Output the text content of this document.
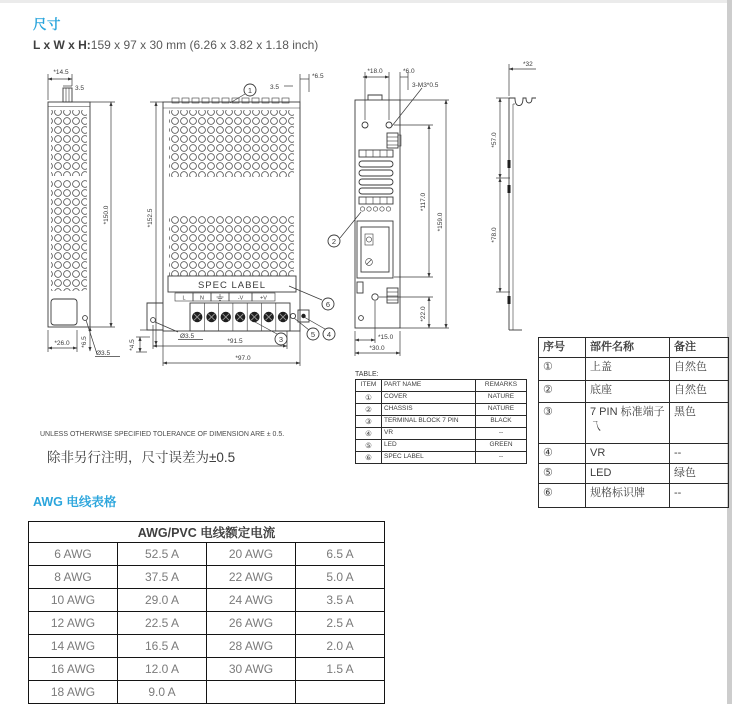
尺寸
L x W x H:159 x 97 x 30 mm (6.26 x 3.82 x 1.18 inch)
*14.5
3.5
*150.0
*26.0 *6.5
Ø3.5
SPEC LABEL
L	N	-V	+V
*152.5
*4.5
Ø3.5
*91.5
*97.0
*6.5
3.5
*18.0	*6.0
3-M3*0.5
*117.0
*159.0
*22.0
*15.0
*30.0
*32
*57.0
*78.0
1
2
3
4
5
6
TABLE:
ITEM	PART NAME	REMARKS
①	COVER	NATURE
②	CHASSIS	NATURE
③	TERMINAL BLOCK 7 PIN	BLACK
④	VR	--
⑤	LED	GREEN
⑥	SPEC LABEL	--
序号	部件名称	备注
①	上盖	自然色
②	底座	自然色
③	7 PIN 标准端子乁	黑色
④	VR	--
⑤	LED	绿色
⑥	规格标识牌	--
UNLESS OTHERWISE SPECIFIED TOLERANCE OF DIMENSION ARE ± 0.5.
除非另行注明，尺寸误差为±0.5
AWG 电线表格
AWG/PVC 电线额定电流			
6 AWG	52.5 A	20 AWG	6.5 A
8 AWG	37.5 A	22 AWG	5.0 A
10 AWG	29.0 A	24 AWG	3.5 A
12 AWG	22.5 A	26 AWG	2.5 A
14 AWG	16.5 A	28 AWG	2.0 A
16 AWG	12.0 A	30 AWG	1.5 A
18 AWG	9.0 A		
